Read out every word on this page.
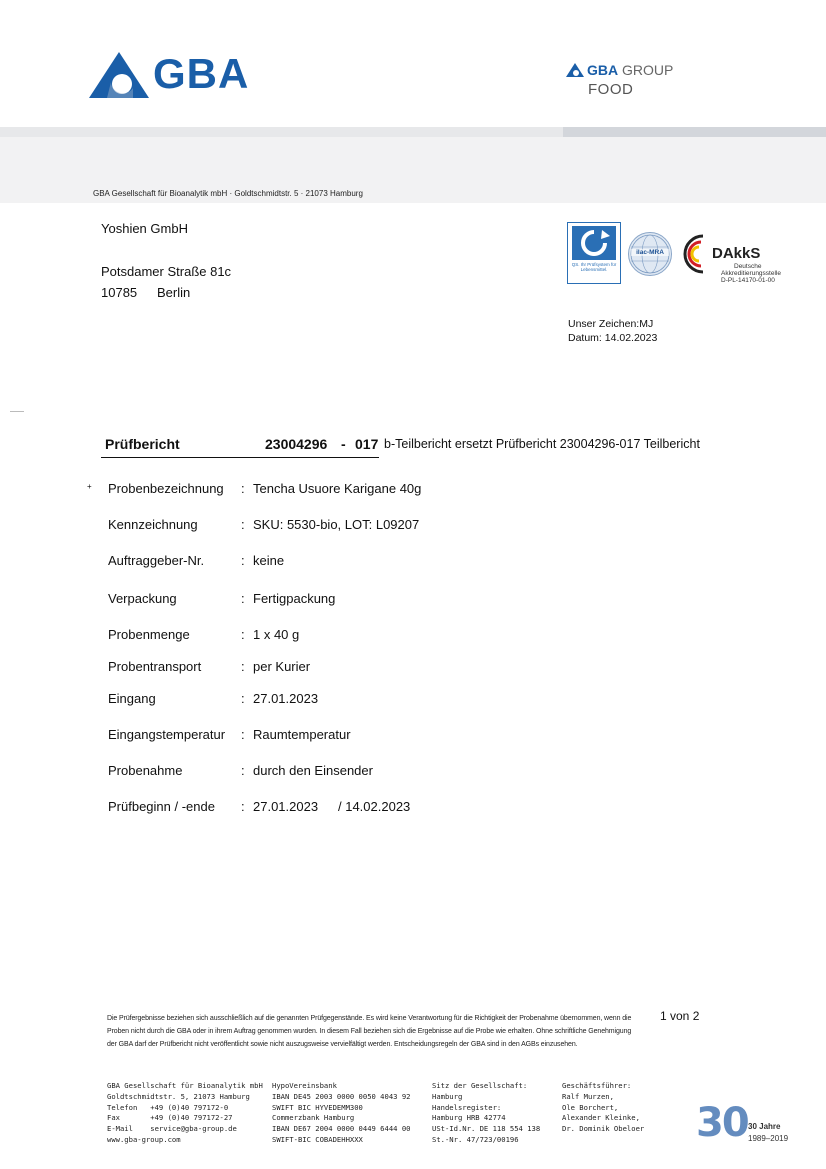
GBA	GBA GROUP
FOOD
GBA Gesellschaft für Bioanalytik mbH · Goldtschmidtstr. 5 · 21073 Hamburg
Yoshien GmbH
Potsdamer Straße 81c
10785 Berlin
QS. Ihr Prüfsystem für Lebensmittel.
ilac-MRA	DAkkS
Deutsche
Akkreditierungsstelle
D-PL-14170-01-00
Unser Zeichen:MJ
Datum: 14.02.2023
Prüfbericht	23004296 - 017 b-Teilbericht ersetzt Prüfbericht 23004296-017 Teilbericht
+ Probenbezeichnung : Tencha Usuore Karigane 40g
Kennzeichnung	: SKU: 5530-bio, LOT: L09207
Auftraggeber-Nr.	: keine
Verpackung	: Fertigpackung
Probenmenge	: 1 x 40 g
Probentransport	: per Kurier
Eingang	: 27.01.2023
Eingangstemperatur : Raumtemperatur
Probenahme	: durch den Einsender
Prüfbeginn / -ende : 27.01.2023 / 14.02.2023
Die Prüfergebnisse beziehen sich ausschließlich auf die genannten Prüfgegenstände. Es wird keine Verantwortung für die Richtigkeit der Probenahme übernommen, wenn die Proben nicht durch die GBA oder in ihrem Auftrag genommen wurden. In diesem Fall beziehen sich die Ergebnisse auf die Probe wie erhalten. Ohne schriftliche Genehmigung der GBA darf der Prüfbericht nicht veröffentlicht sowie nicht auszugsweise vervielfältigt werden. Entscheidungsregeln der GBA sind in den AGBs einzusehen.
1 von 2
GBA Gesellschaft für Bioanalytik mbH
Goldtschmidtstr. 5, 21073 Hamburg
Telefon   +49 (0)40 797172-0
Fax       +49 (0)40 797172-27
E-Mail    service@gba-group.de
www.gba-group.com
HypoVereinsbank
IBAN DE45 2003 0000 0050 4043 92
SWIFT BIC HYVEDEMM300
Commerzbank Hamburg
IBAN DE67 2004 0000 0449 6444 00
SWIFT-BIC COBADEHHXXX
Sitz der Gesellschaft:
Hamburg
Handelsregister:
Hamburg HRB 42774
USt-Id.Nr. DE 118 554 138
St.-Nr. 47/723/00196
Geschäftsführer:
Ralf Murzen,
Ole Borchert,
Alexander Kleinke,
Dr. Dominik Obeloer 30 30 Jahre
1989–2019
